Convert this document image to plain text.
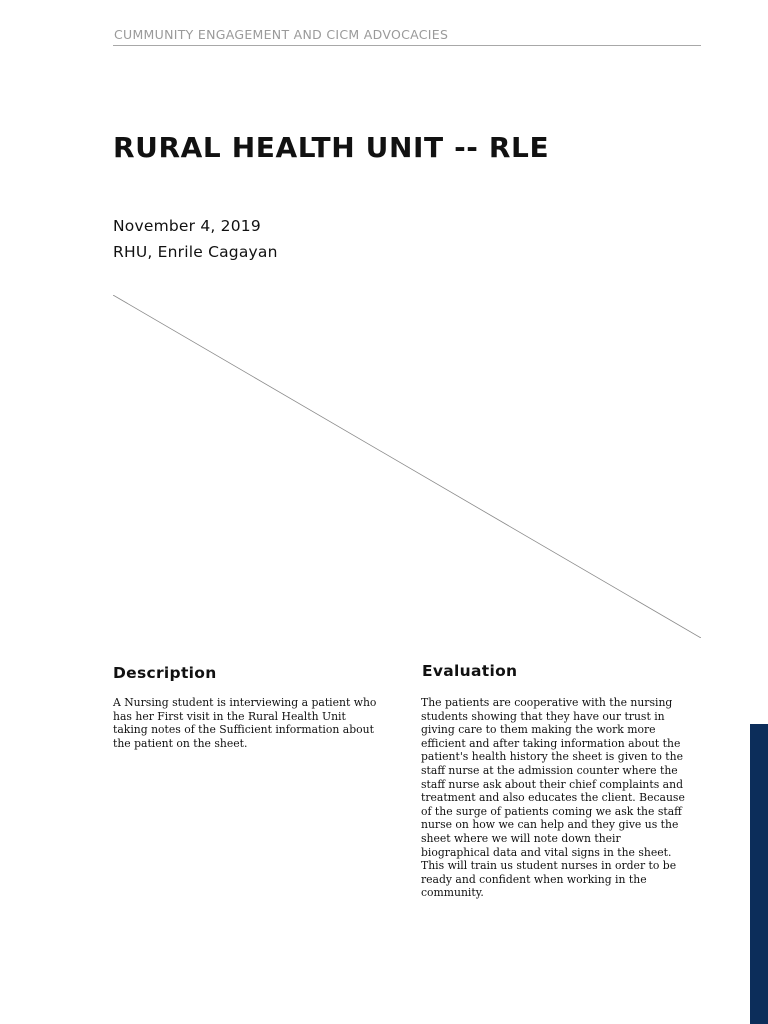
CUMMUNITY ENGAGEMENT AND CICM ADVOCACIES
RURAL HEALTH UNIT -- RLE
November 4, 2019
RHU, Enrile Cagayan
Description

A Nursing student is interviewing a patient who
has her First visit in the Rural Health Unit
taking notes of the Sufficient information about
the patient on the sheet.

Evaluation

The patients are cooperative with the nursing
students showing that they have our trust in
giving care to them making the work more
efficient and after taking information about the
patient's health history the sheet is given to the
staff nurse at the admission counter where the
staff nurse ask about their chief complaints and
treatment and also educates the client. Because
of the surge of patients coming we ask the staff
nurse on how we can help and they give us the
sheet where we will note down their
biographical data and vital signs in the sheet.
This will train us student nurses in order to be
ready and confident when working in the
community.
